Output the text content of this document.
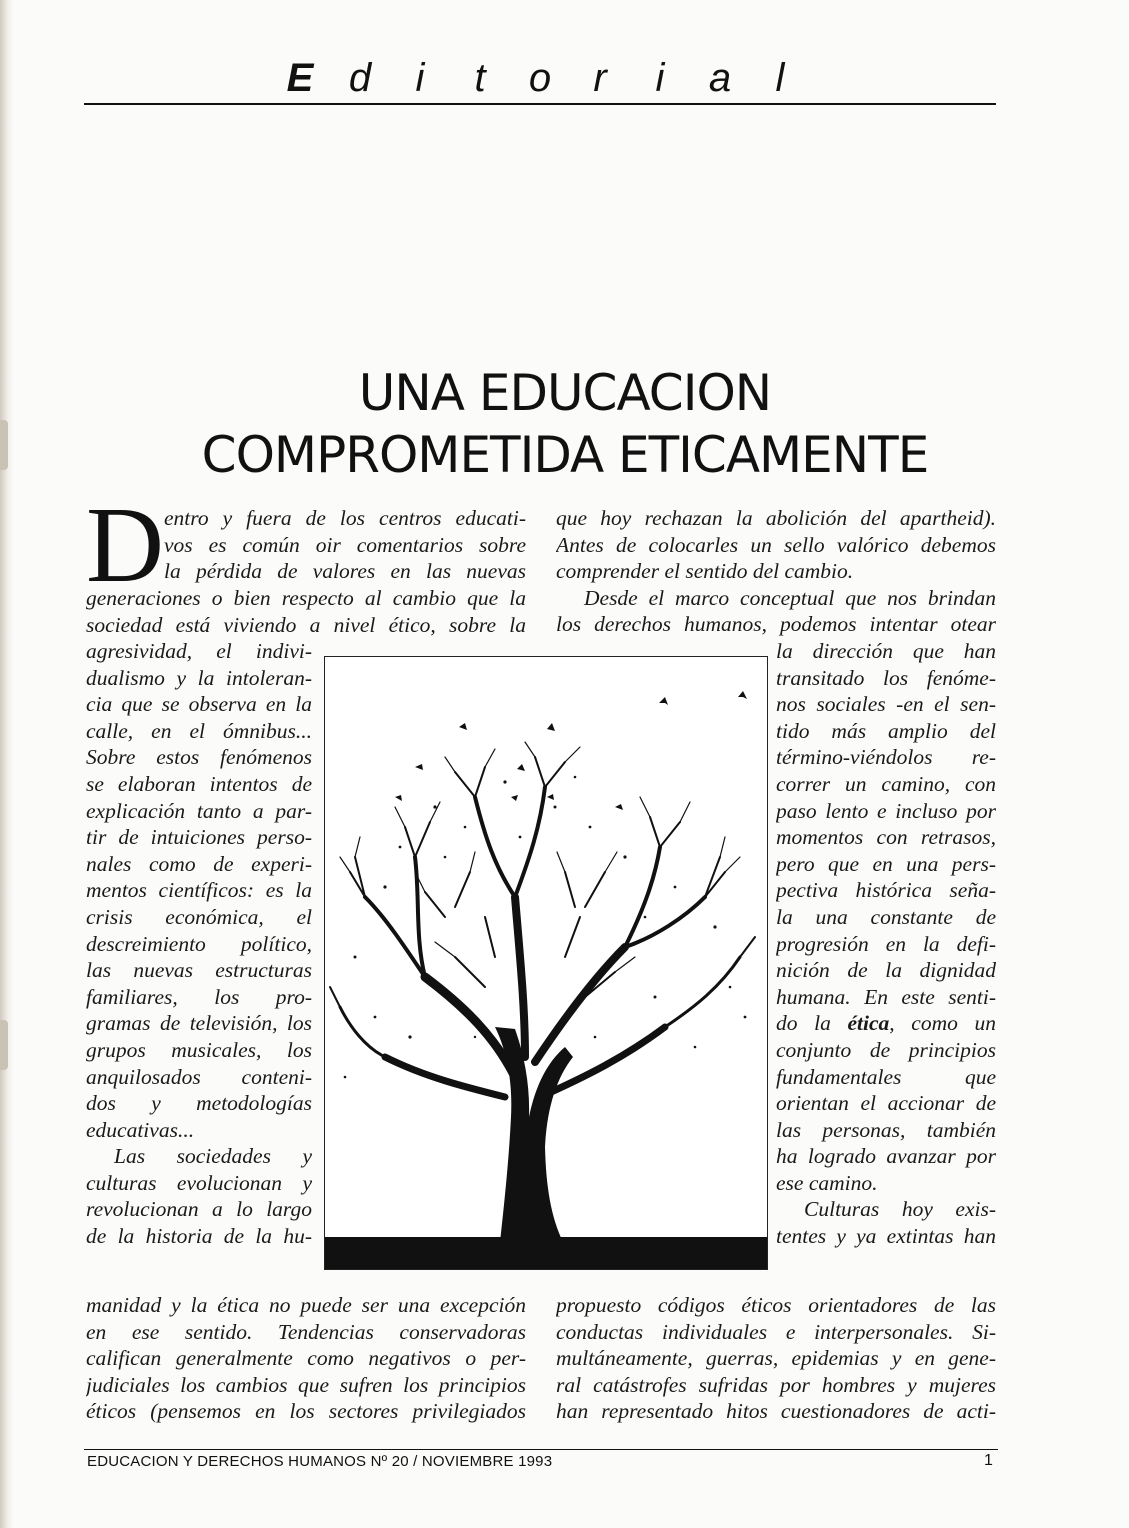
E d i t o r i a l
UNA EDUCACION
COMPROMETIDA ETICAMENTE
D entro y fuera de los centros educati-
vos es común oir comentarios sobre
la pérdida de valores en las nuevas
generaciones o bien respecto al cambio que la
sociedad está viviendo a nivel ético, sobre la
agresividad, el indivi-
dualismo y la intoleran-
cia que se observa en la
calle, en el ómnibus...
Sobre estos fenómenos
se elaboran intentos de
explicación tanto a par-
tir de intuiciones perso-
nales como de experi-
mentos científicos: es la
crisis económica, el
descreimiento político,
las nuevas estructuras
familiares, los pro-
gramas de televisión, los
grupos musicales, los
anquilosados conteni-
dos y metodologías
educativas...
Las sociedades y
culturas evolucionan y
revolucionan a lo largo
de la historia de la hu-
manidad y la ética no puede ser una excepción
en ese sentido. Tendencias conservadoras
califican generalmente como negativos o per-
judiciales los cambios que sufren los principios
éticos (pensemos en los sectores privilegiados
que hoy rechazan la abolición del apartheid).
Antes de colocarles un sello valórico debemos
comprender el sentido del cambio.
Desde el marco conceptual que nos brindan
los derechos humanos, podemos intentar otear
la dirección que han
transitado los fenóme-
nos sociales -en el sen-
tido más amplio del
término-viéndolos re-
correr un camino, con
paso lento e incluso por
momentos con retrasos,
pero que en una pers-
pectiva histórica seña-
la una constante de
progresión en la defi-
nición de la dignidad
humana. En este senti-
do la ética, como un
conjunto de principios
fundamentales que
orientan el accionar de
las personas, también
ha logrado avanzar por
ese camino.
Culturas hoy exis-
tentes y ya extintas han
propuesto códigos éticos orientadores de las
conductas individuales e interpersonales. Si-
multáneamente, guerras, epidemias y en gene-
ral catástrofes sufridas por hombres y mujeres
han representado hitos cuestionadores de acti-
EDUCACION Y DERECHOS HUMANOS Nº 20 / NOVIEMBRE 1993	1
